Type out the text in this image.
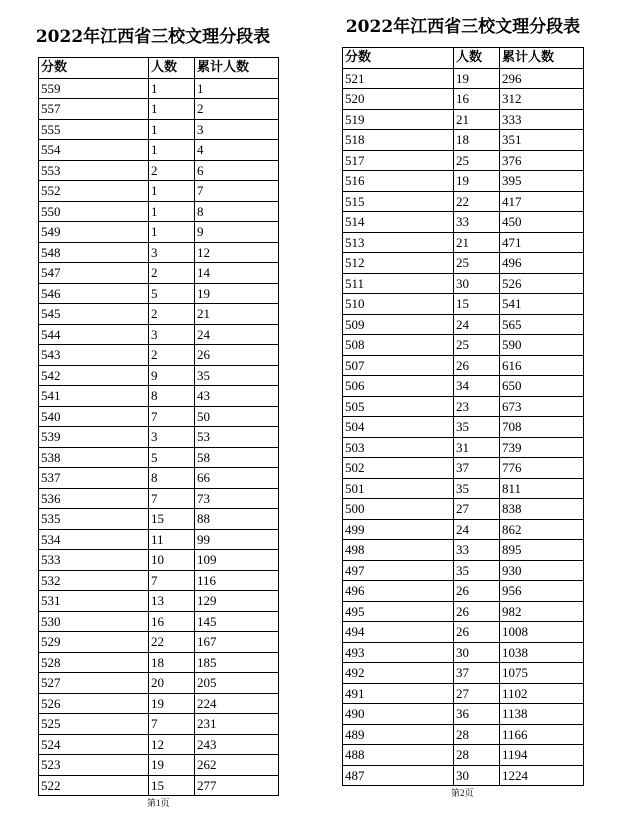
2022年江西省三校文理分段表
分数	人数	累计人数
559	1	1
557	1	2
555	1	3
554	1	4
553	2	6
552	1	7
550	1	8
549	1	9
548	3	12
547	2	14
546	5	19
545	2	21
544	3	24
543	2	26
542	9	35
541	8	43
540	7	50
539	3	53
538	5	58
537	8	66
536	7	73
535	15	88
534	11	99
533	10	109
532	7	116
531	13	129
530	16	145
529	22	167
528	18	185
527	20	205
526	19	224
525	7	231
524	12	243
523	19	262
522	15	277
第1页
2022年江西省三校文理分段表
分数	人数	累计人数
521	19	296
520	16	312
519	21	333
518	18	351
517	25	376
516	19	395
515	22	417
514	33	450
513	21	471
512	25	496
511	30	526
510	15	541
509	24	565
508	25	590
507	26	616
506	34	650
505	23	673
504	35	708
503	31	739
502	37	776
501	35	811
500	27	838
499	24	862
498	33	895
497	35	930
496	26	956
495	26	982
494	26	1008
493	30	1038
492	37	1075
491	27	1102
490	36	1138
489	28	1166
488	28	1194
487	30	1224
第2页
